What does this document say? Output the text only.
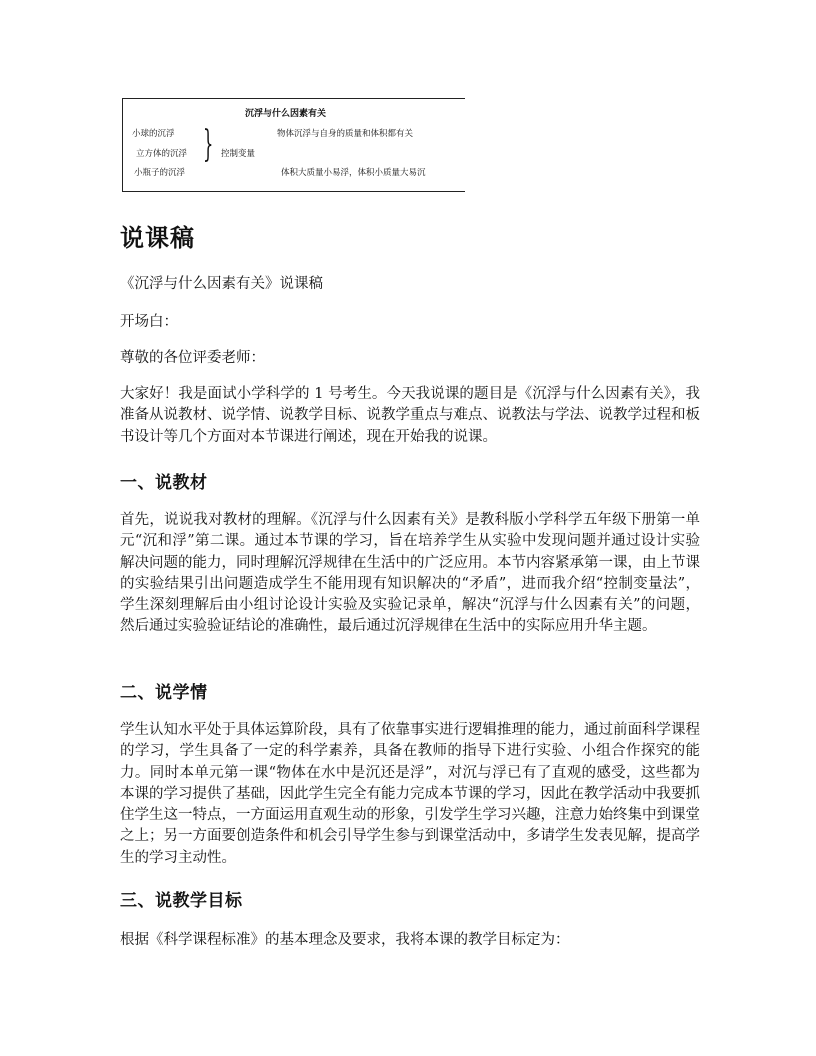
沉浮与什么因素有关
小球的沉浮
立方体的沉浮
小瓶子的沉浮
} 控制变量
物体沉浮与自身的质量和体积都有关
体积大质量小易浮，体积小质量大易沉
说课稿

《沉浮与什么因素有关》说课稿

开场白：

尊敬的各位评委老师：

大家好！我是面试小学科学的 1 号考生。今天我说课的题目是《沉浮与什么因素有关》，我准备从说教材、说学情、说教学目标、说教学重点与难点、说教法与学法、说教学过程和板书设计等几个方面对本节课进行阐述，现在开始我的说课。

一、说教材

首先，说说我对教材的理解。《沉浮与什么因素有关》是教科版小学科学五年级下册第一单元“沉和浮”第二课。通过本节课的学习，旨在培养学生从实验中发现问题并通过设计实验解决问题的能力，同时理解沉浮规律在生活中的广泛应用。本节内容紧承第一课，由上节课的实验结果引出问题造成学生不能用现有知识解决的“矛盾”，进而我介绍“控制变量法”，学生深刻理解后由小组讨论设计实验及实验记录单，解决“沉浮与什么因素有关”的问题，然后通过实验验证结论的准确性，最后通过沉浮规律在生活中的实际应用升华主题。

二、说学情

学生认知水平处于具体运算阶段，具有了依靠事实进行逻辑推理的能力，通过前面科学课程的学习，学生具备了一定的科学素养，具备在教师的指导下进行实验、小组合作探究的能力。同时本单元第一课“物体在水中是沉还是浮”，对沉与浮已有了直观的感受，这些都为本课的学习提供了基础，因此学生完全有能力完成本节课的学习，因此在教学活动中我要抓住学生这一特点，一方面运用直观生动的形象，引发学生学习兴趣，注意力始终集中到课堂之上；另一方面要创造条件和机会引导学生参与到课堂活动中，多请学生发表见解，提高学生的学习主动性。

三、说教学目标

根据《科学课程标准》的基本理念及要求，我将本课的教学目标定为：
